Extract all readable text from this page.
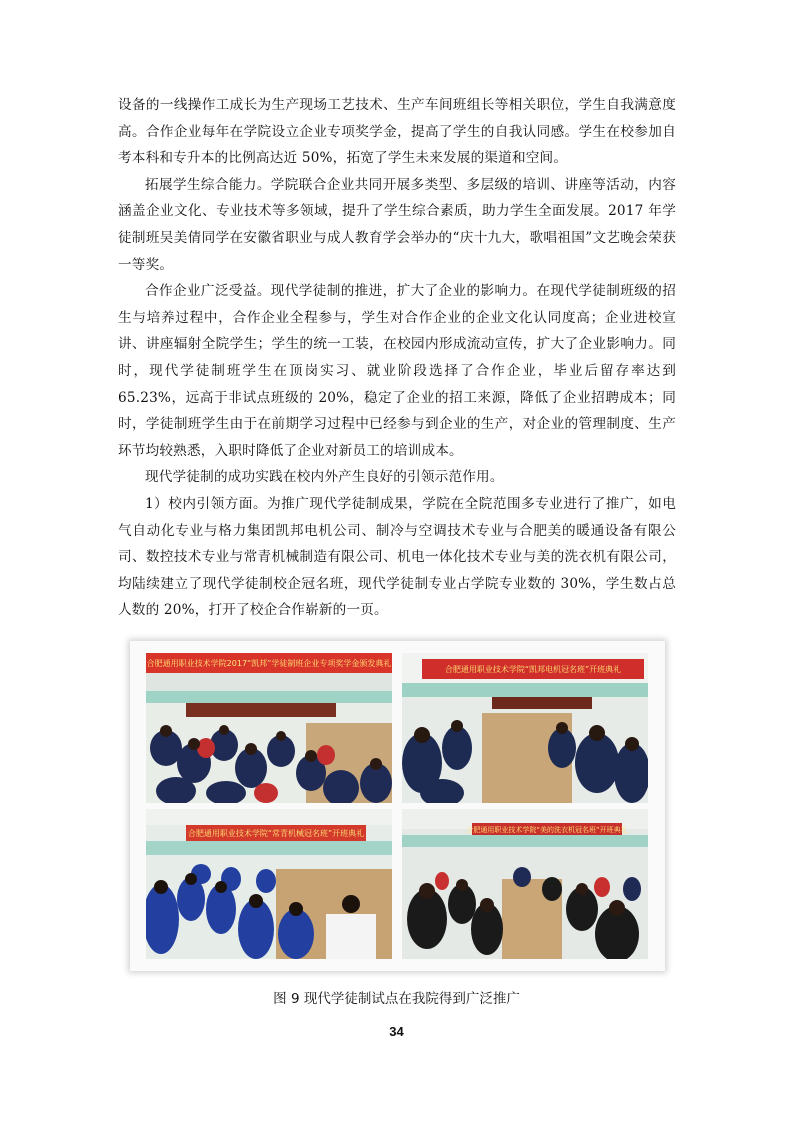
设备的一线操作工成长为生产现场工艺技术、生产车间班组长等相关职位，学生自我满意度高。合作企业每年在学院设立企业专项奖学金，提高了学生的自我认同感。学生在校参加自考本科和专升本的比例高达近 50%，拓宽了学生未来发展的渠道和空间。

拓展学生综合能力。学院联合企业共同开展多类型、多层级的培训、讲座等活动，内容涵盖企业文化、专业技术等多领域，提升了学生综合素质，助力学生全面发展。2017 年学徒制班吴美倩同学在安徽省职业与成人教育学会举办的“庆十九大，歌唱祖国”文艺晚会荣获一等奖。

合作企业广泛受益。现代学徒制的推进，扩大了企业的影响力。在现代学徒制班级的招生与培养过程中，合作企业全程参与，学生对合作企业的企业文化认同度高；企业进校宣讲、讲座辐射全院学生；学生的统一工装，在校园内形成流动宣传，扩大了企业影响力。同时，现代学徒制班学生在顶岗实习、就业阶段选择了合作企业，毕业后留存率达到 65.23%，远高于非试点班级的 20%，稳定了企业的招工来源，降低了企业招聘成本；同时，学徒制班学生由于在前期学习过程中已经参与到企业的生产，对企业的管理制度、生产环节均较熟悉，入职时降低了企业对新员工的培训成本。

现代学徒制的成功实践在校内外产生良好的引领示范作用。

1）校内引领方面。为推广现代学徒制成果，学院在全院范围多专业进行了推广，如电气自动化专业与格力集团凯邦电机公司、制冷与空调技术专业与合肥美的暖通设备有限公司、数控技术专业与常青机械制造有限公司、机电一体化技术专业与美的洗衣机有限公司，均陆续建立了现代学徒制校企冠名班，现代学徒制专业占学院专业数的 30%，学生数占总人数的 20%，打开了校企合作崭新的一页。

合肥通用职业技术学院2017“凯邦”学徒制班企业专项奖学金颁发典礼
合肥通用职业技术学院“凯邦电机冠名班”开班典礼
合肥通用职业技术学院“常青机械冠名班”开班典礼	合肥通用职业技术学院“美的洗衣机冠名班”开班典礼
图 9 现代学徒制试点在我院得到广泛推广
34
